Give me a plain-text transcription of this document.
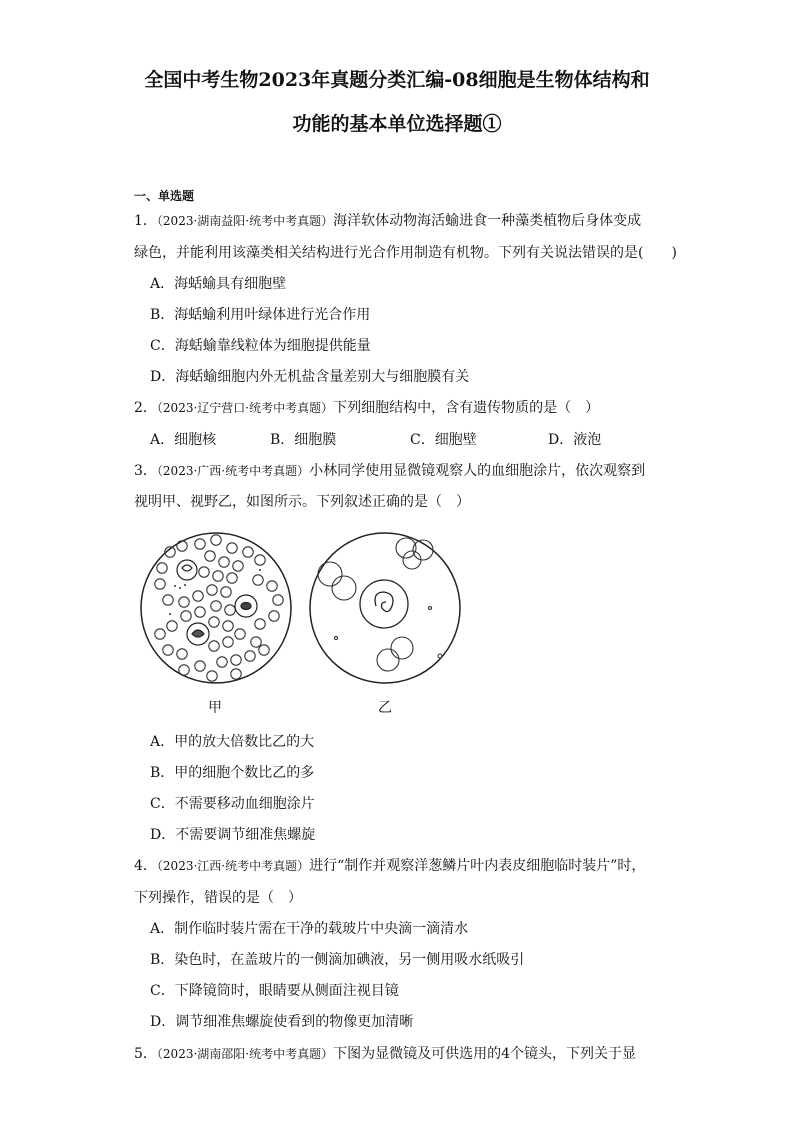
全国中考生物2023年真题分类汇编-08细胞是生物体结构和
功能的基本单位选择题①
一、单选题
1．（2023·湖南益阳·统考中考真题）海洋软体动物海活蝓进食一种藻类植物后身体变成
绿色，并能利用该藻类相关结构进行光合作用制造有机物。下列有关说法错误的是(　　)
A．海蛞蝓具有细胞壁
B．海蛞蝓利用叶绿体进行光合作用
C．海蛞蝓靠线粒体为细胞提供能量
D．海蛞蝓细胞内外无机盐含量差别大与细胞膜有关
2．（2023·辽宁营口·统考中考真题）下列细胞结构中，含有遗传物质的是（　）
A．细胞核	B．细胞膜	C．细胞壁	D．液泡
3．（2023·广西·统考中考真题）小林同学使用显微镜观察人的血细胞涂片，依次观察到
视明甲、视野乙，如图所示。下列叙述正确的是（　）
甲	乙
A．甲的放大倍数比乙的大
B．甲的细胞个数比乙的多
C．不需要移动血细胞涂片
D．不需要调节细准焦螺旋
4．（2023·江西·统考中考真题）进行“制作并观察洋葱鳞片叶内表皮细胞临时装片”时，
下列操作，错误的是（　）
A．制作临时装片需在干净的载玻片中央滴一滴清水
B．染色时，在盖玻片的一侧滴加碘液，另一侧用吸水纸吸引
C．下降镜筒时，眼睛要从侧面注视目镜
D．调节细准焦螺旋使看到的物像更加清晰
5．（2023·湖南邵阳·统考中考真题）下图为显微镜及可供选用的4个镜头，下列关于显
